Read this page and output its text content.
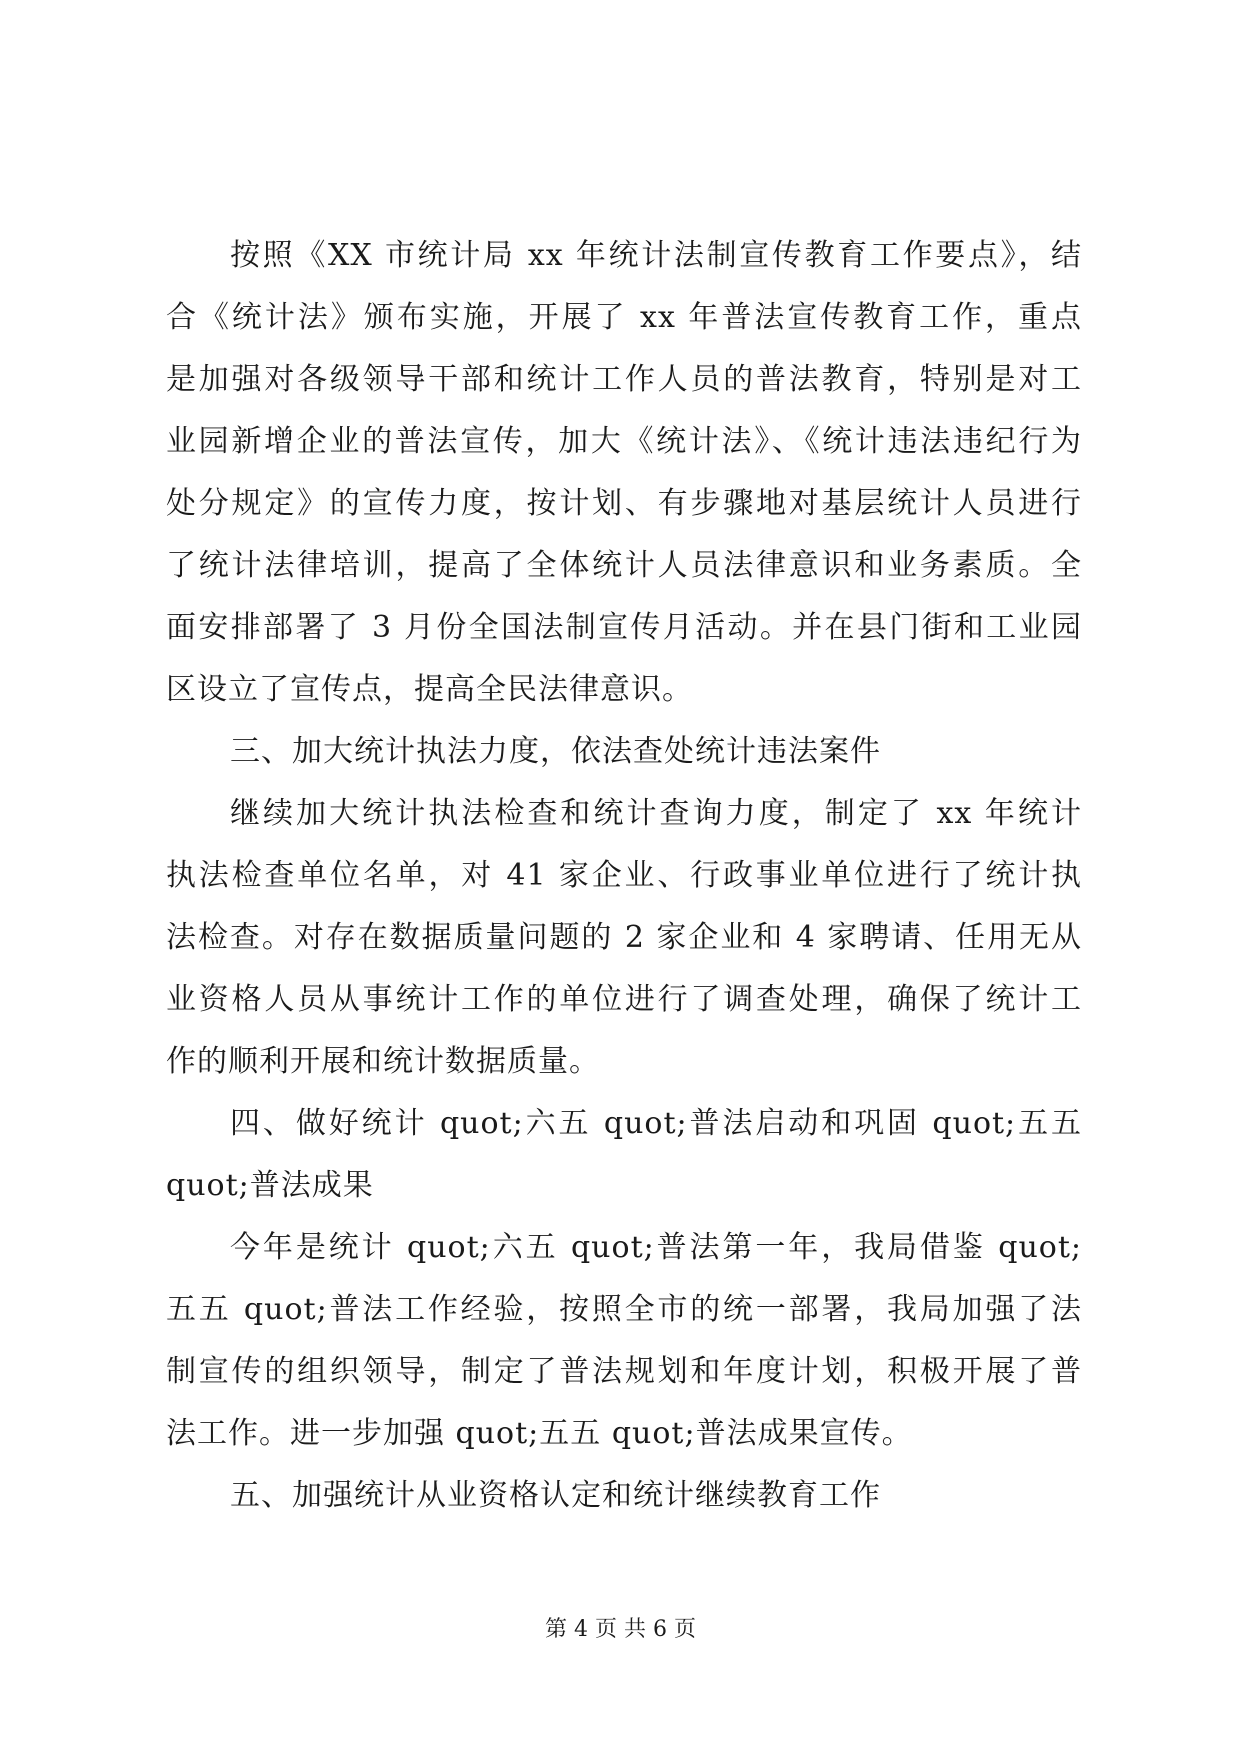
按照《XX 市统计局 xx 年统计法制宣传教育工作要点》，结
合《统计法》颁布实施，开展了 xx 年普法宣传教育工作，重点
是加强对各级领导干部和统计工作人员的普法教育，特别是对工
业园新增企业的普法宣传，加大《统计法》、《统计违法违纪行为
处分规定》的宣传力度，按计划、有步骤地对基层统计人员进行
了统计法律培训，提高了全体统计人员法律意识和业务素质。全
面安排部署了 3 月份全国法制宣传月活动。并在县门街和工业园
区设立了宣传点，提高全民法律意识。
三、加大统计执法力度，依法查处统计违法案件
继续加大统计执法检查和统计查询力度，制定了 xx 年统计
执法检查单位名单，对 41 家企业、行政事业单位进行了统计执
法检查。对存在数据质量问题的 2 家企业和 4 家聘请、任用无从
业资格人员从事统计工作的单位进行了调查处理，确保了统计工
作的顺利开展和统计数据质量。
四、做好统计 quot;六五 quot;普法启动和巩固 quot;五五
quot;普法成果
今年是统计 quot;六五 quot;普法第一年，我局借鉴 quot;
五五 quot;普法工作经验，按照全市的统一部署，我局加强了法
制宣传的组织领导，制定了普法规划和年度计划，积极开展了普
法工作。进一步加强 quot;五五 quot;普法成果宣传。
五、加强统计从业资格认定和统计继续教育工作
第 4 页 共 6 页
